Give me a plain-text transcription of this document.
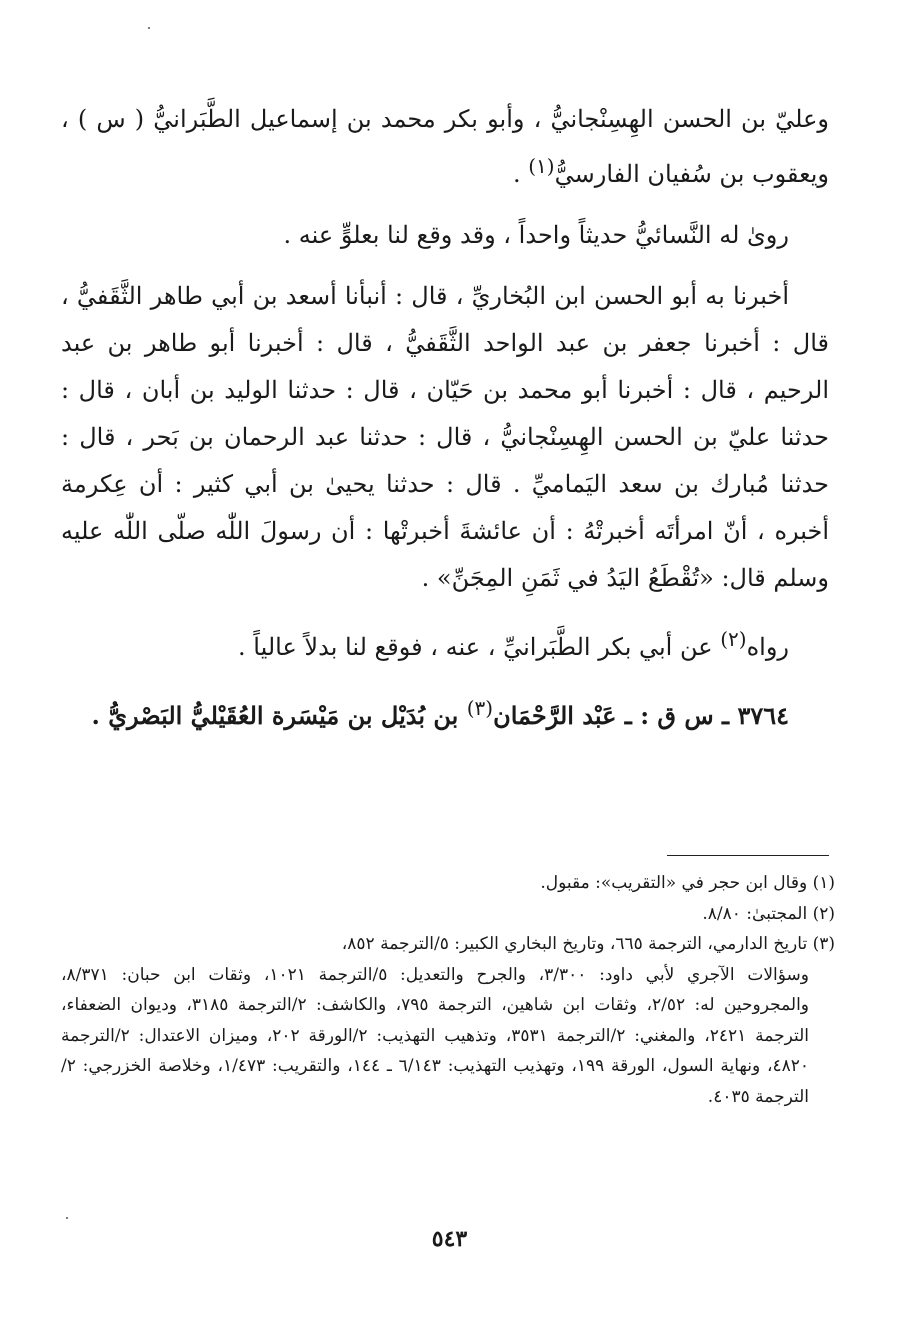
وعليّ بن الحسن الهِسِنْجانيُّ ، وأبو بكر محمد بن إسماعيل الطَّبَرانيُّ ( س ) ، ويعقوب بن سُفيان الفارسيُّ$^{(١)}$ .

روىٰ له النَّسائيُّ حديثاً واحداً ، وقد وقع لنا بعلوٍّ عنه .

أخبرنا به أبو الحسن ابن البُخاريِّ ، قال : أنبأنا أسعد بن أبي طاهر الثَّقَفيُّ ، قال : أخبرنا جعفر بن عبد الواحد الثَّقَفيُّ ، قال : أخبرنا أبو طاهر بن عبد الرحيم ، قال : أخبرنا أبو محمد بن حَيّان ، قال : حدثنا الوليد بن أبان ، قال : حدثنا عليّ بن الحسن الهِسِنْجانيُّ ، قال : حدثنا عبد الرحمان بن بَحر ، قال : حدثنا مُبارك بن سعد اليَماميِّ . قال : حدثنا يحيىٰ بن أبي كثير : أن عِكرمة أخبره ، أنّ امرأتَه أخبرتْهُ : أن عائشةَ أخبرتْها : أن رسولَ اللّٰه صلّى اللّٰه عليه وسلم قال: «تُقْطَعُ اليَدُ في ثَمَنِ المِجَنِّ» .

رواه$^{(٢)}$ عن أبي بكر الطَّبَرانيِّ ، عنه ، فوقع لنا بدلاً عالياً .

٣٧٦٤ ـ س ق : ـ عَبْد الرَّحْمَان$^{(٣)}$ بن بُدَيْل بن مَيْسَرة العُقَيْليُّ البَصْريُّ .

(١) وقال ابن حجر في «التقريب»: مقبول.

(٢) المجتبىٰ: ٨/٨٠.

(٣) تاريخ الدارمي، الترجمة ٦٦٥، وتاريخ البخاري الكبير: ٥/الترجمة ٨٥٢،
وسؤالات الآجري لأبي داود: ٣/٣٠٠، والجرح والتعديل: ٥/الترجمة ١٠٢١، وثقات ابن حبان: ٨/٣٧١، والمجروحين له: ٢/٥٢، وثقات ابن شاهين، الترجمة ٧٩٥، والكاشف: ٢/الترجمة ٣١٨٥، وديوان الضعفاء، الترجمة ٢٤٢١، والمغني: ٢/الترجمة ٣٥٣١، وتذهيب التهذيب: ٢/الورقة ٢٠٢، وميزان الاعتدال: ٢/الترجمة ٤٨٢٠، ونهاية السول، الورقة ١٩٩، وتهذيب التهذيب: ٦/١٤٣ ـ ١٤٤، والتقريب: ١/٤٧٣، وخلاصة الخزرجي: ٢/الترجمة ٤٠٣٥.

٥٤٣
